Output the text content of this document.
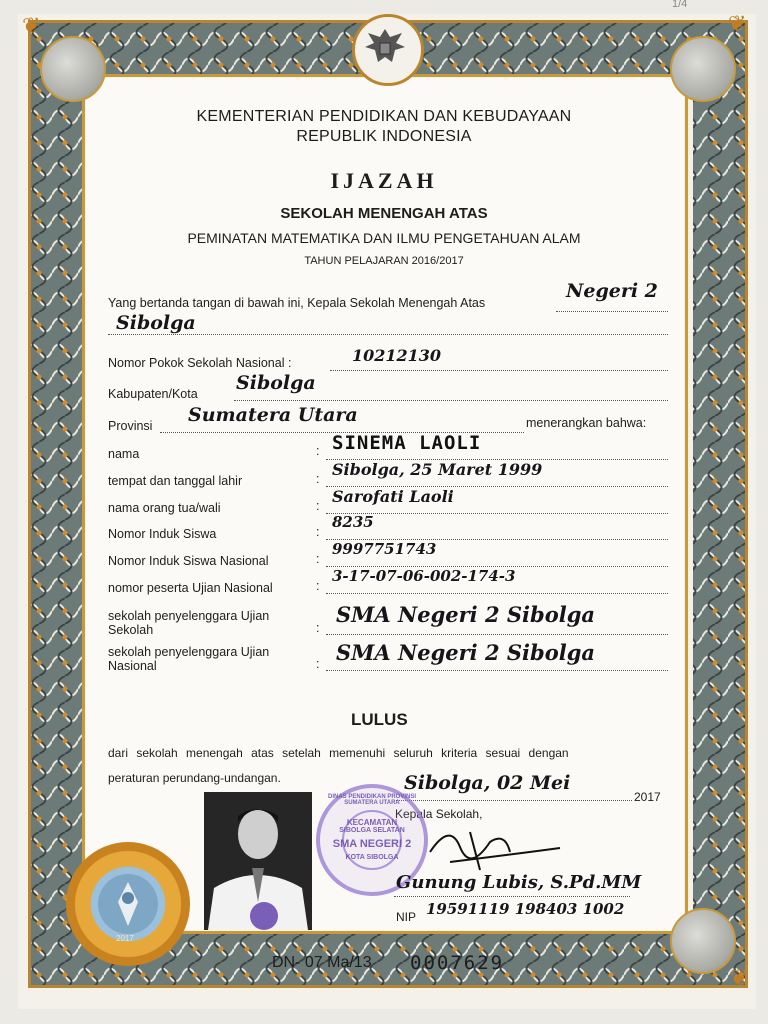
❦	❦
❦
1/4
KEMENTERIAN PENDIDIKAN DAN KEBUDAYAAN
REPUBLIK INDONESIA
IJAZAH
SEKOLAH MENENGAH ATAS
PEMINATAN MATEMATIKA DAN ILMU PENGETAHUAN ALAM
TAHUN PELAJARAN 2016/2017
Yang bertanda tangan di bawah ini, Kepala Sekolah Menengah Atas
Negeri 2
Sibolga
Nomor Pokok Sekolah Nasional :	10212130
Kabupaten/Kota Sibolga
Provinsi Sumatera Utara	menerangkan bahwa:
nama	: SINEMA LAOLI
tempat dan tanggal lahir	: Sibolga, 25 Maret 1999
nama orang tua/wali	: Sarofati Laoli
Nomor Induk Siswa	:
8235
Nomor Induk Siswa Nasional	:
9997751743
nomor peserta Ujian Nasional	:
3-17-07-06-002-174-3
sekolah penyelenggara Ujian Sekolah	:
SMA Negeri 2 Sibolga
sekolah penyelenggara Ujian Nasional	: SMA Negeri 2 Sibolga
LULUS
dari sekolah menengah atas setelah memenuhi seluruh kriteria sesuai dengan
peraturan perundang-undangan.	Sibolga, 02 Mei
2017
Kepala Sekolah,
DINAS PENDIDIKAN PROVINSI SUMATERA UTARA
KECAMATAN
SIBOLGA SELATAN
SMA NEGERI 2
KOTA SIBOLGA
Gunung Lubis, S.Pd.MM
NIP 19591119 198403 1002
2017
DN- 07 Ma/13 0007629
